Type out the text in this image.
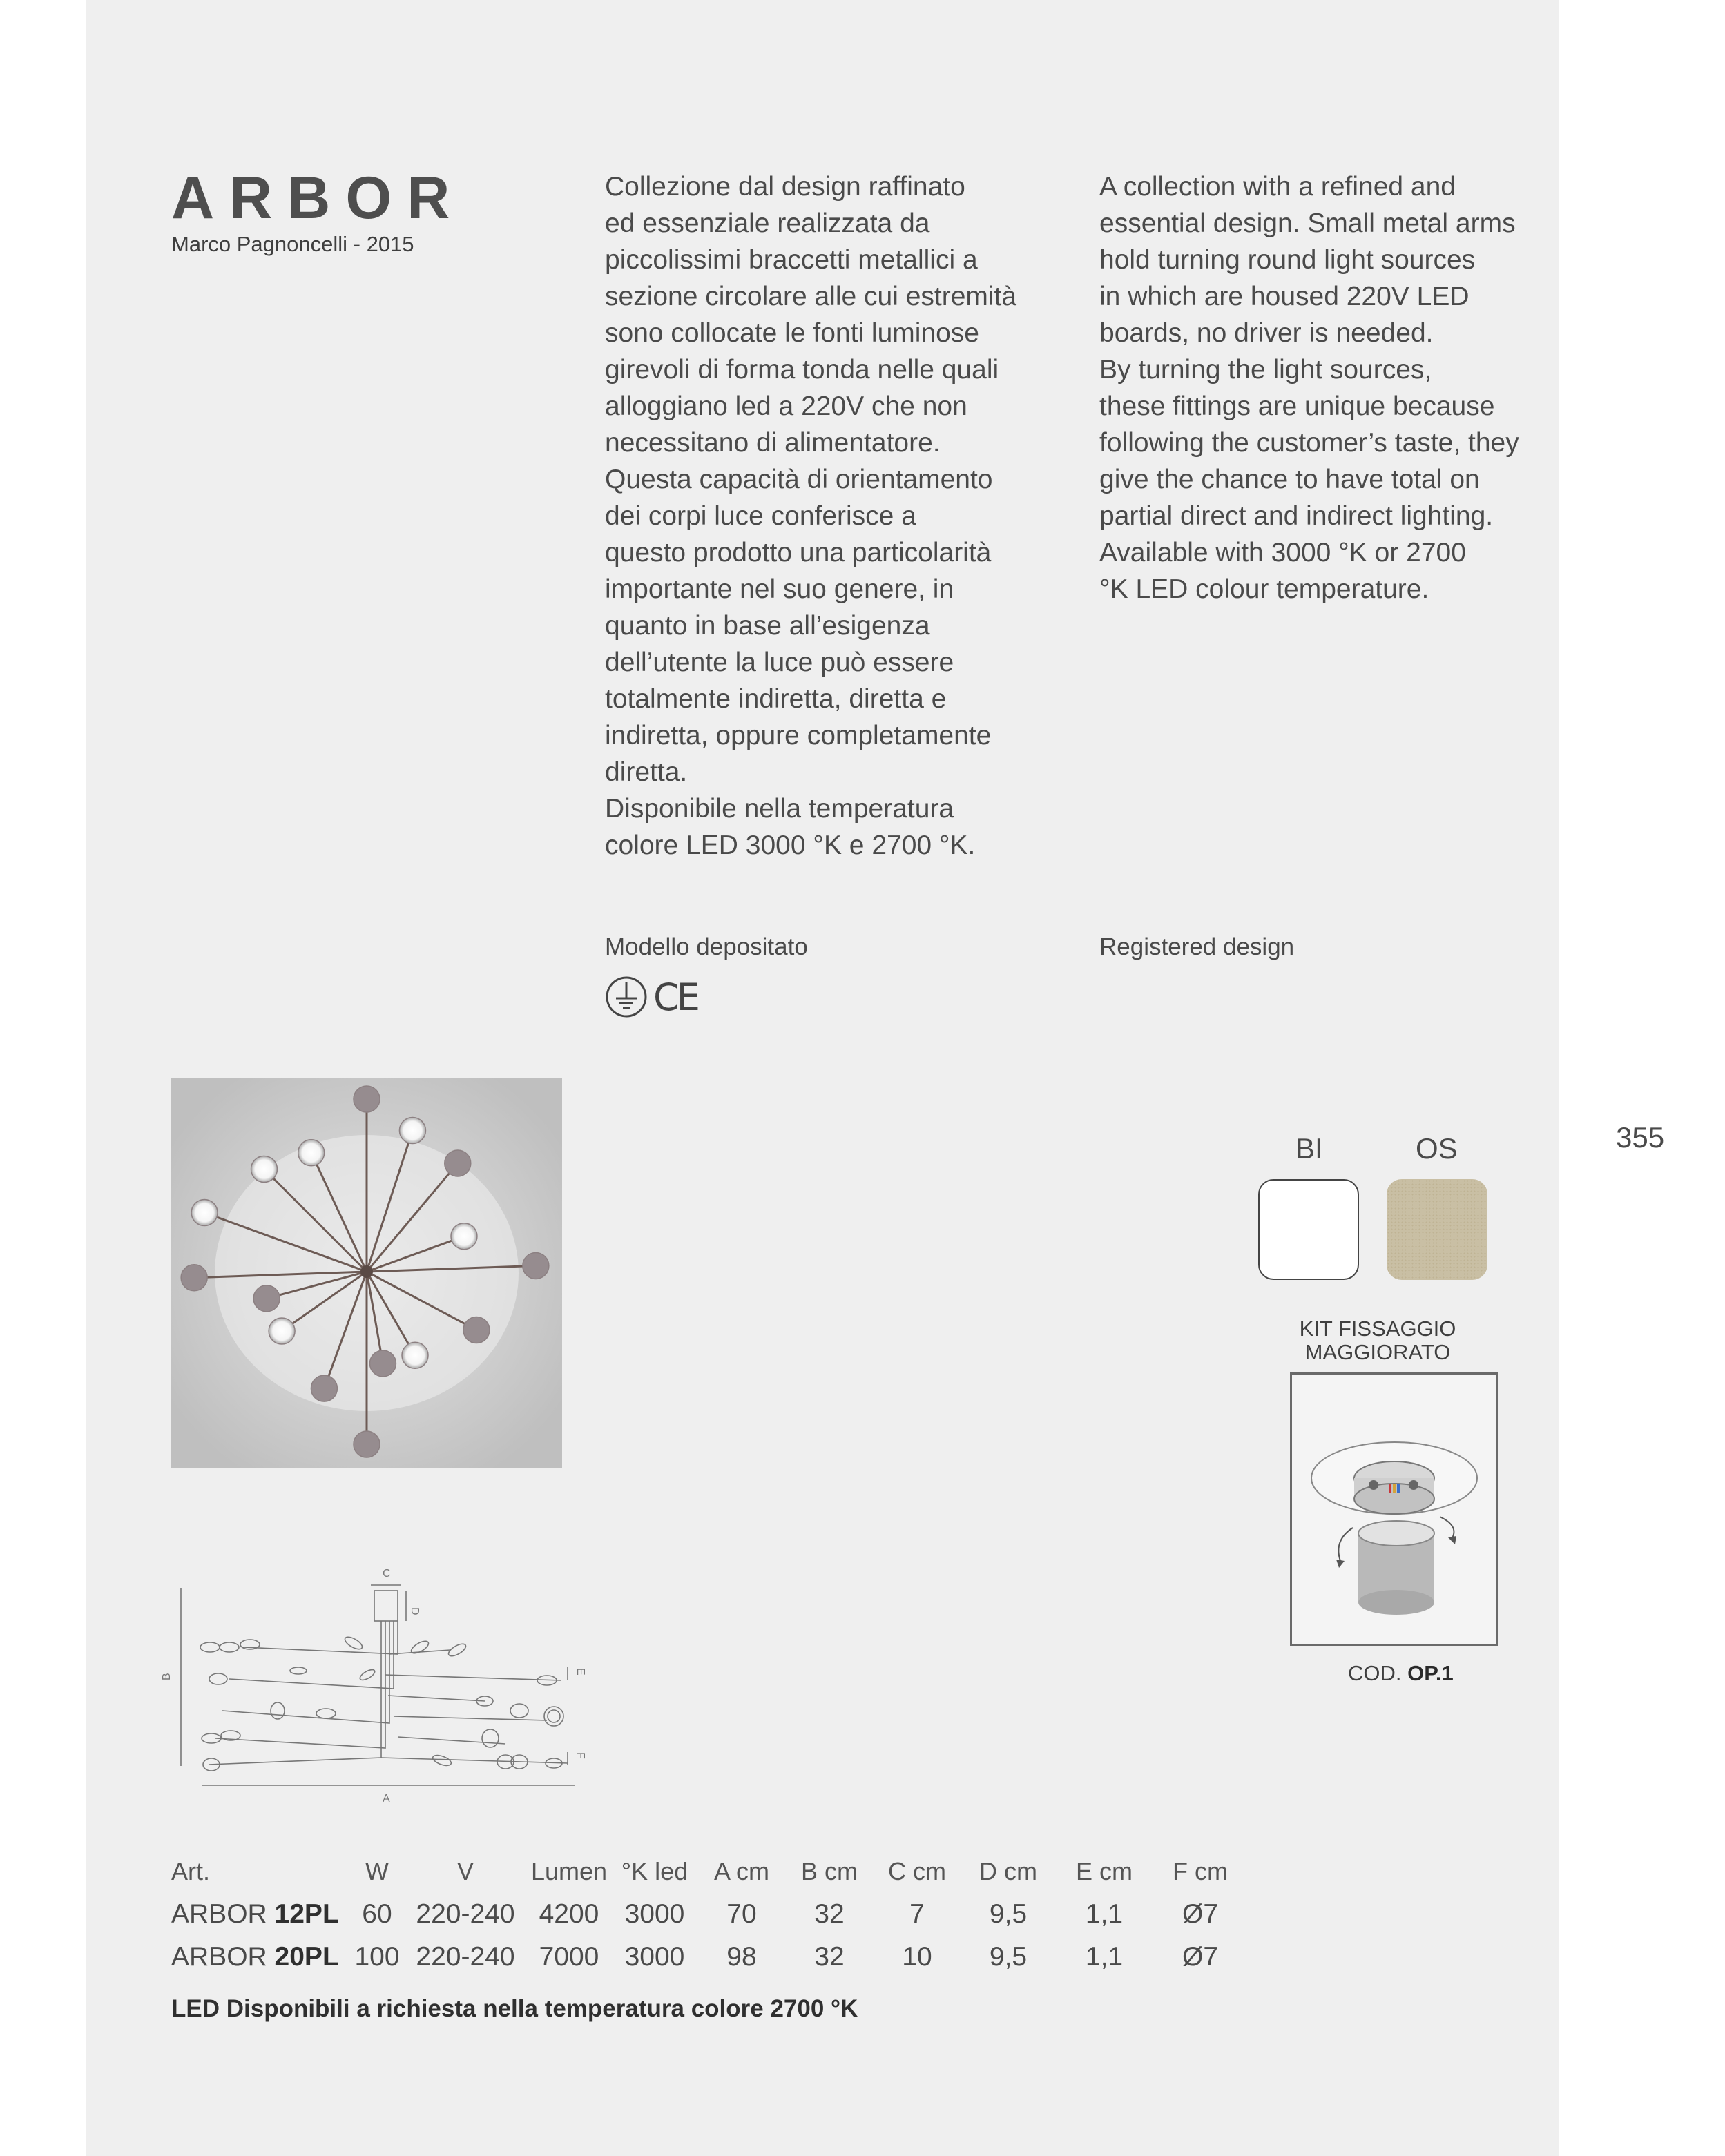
ARBOR
Marco Pagnoncelli - 2015

Collezione dal design raffinato

ed essenziale realizzata da

piccolissimi braccetti metallici a

sezione circolare alle cui estremità

sono collocate le fonti luminose

girevoli di forma tonda nelle quali

alloggiano led a 220V che non

necessitano di alimentatore.

Questa capacità di orientamento

dei corpi luce conferisce a

questo prodotto una particolarità

importante nel suo genere, in

quanto in base all’esigenza

dell’utente la luce può essere

totalmente indiretta, diretta e

indiretta, oppure completamente

diretta.

Disponibile nella temperatura

colore LED 3000 °K e 2700 °K.

A collection with a refined and

essential design. Small metal arms

hold turning round light sources

in which are housed 220V LED

boards, no driver is needed.

By turning the light sources,

these fittings are unique because

following the customer’s taste, they

give the chance to have total on

partial direct and indirect lighting.

Available with 3000 °K or 2700

°K LED colour temperature.

Modello depositato	Registered design
CE
355
BI	OS
KIT FISSAGGIO
MAGGIORATO
COD. OP.1
C
D
B
A
E
F
Art.	W	V	Lumen	°K led	A cm	B cm	C cm	D cm	E cm	F cm
ARBOR 12PL	60	220-240	4200	3000	70	32	7	9,5	1,1	Ø7
ARBOR 20PL	100	220-240	7000	3000	98	32	10	9,5	1,1	Ø7
LED Disponibili a richiesta nella temperatura colore 2700 °K
